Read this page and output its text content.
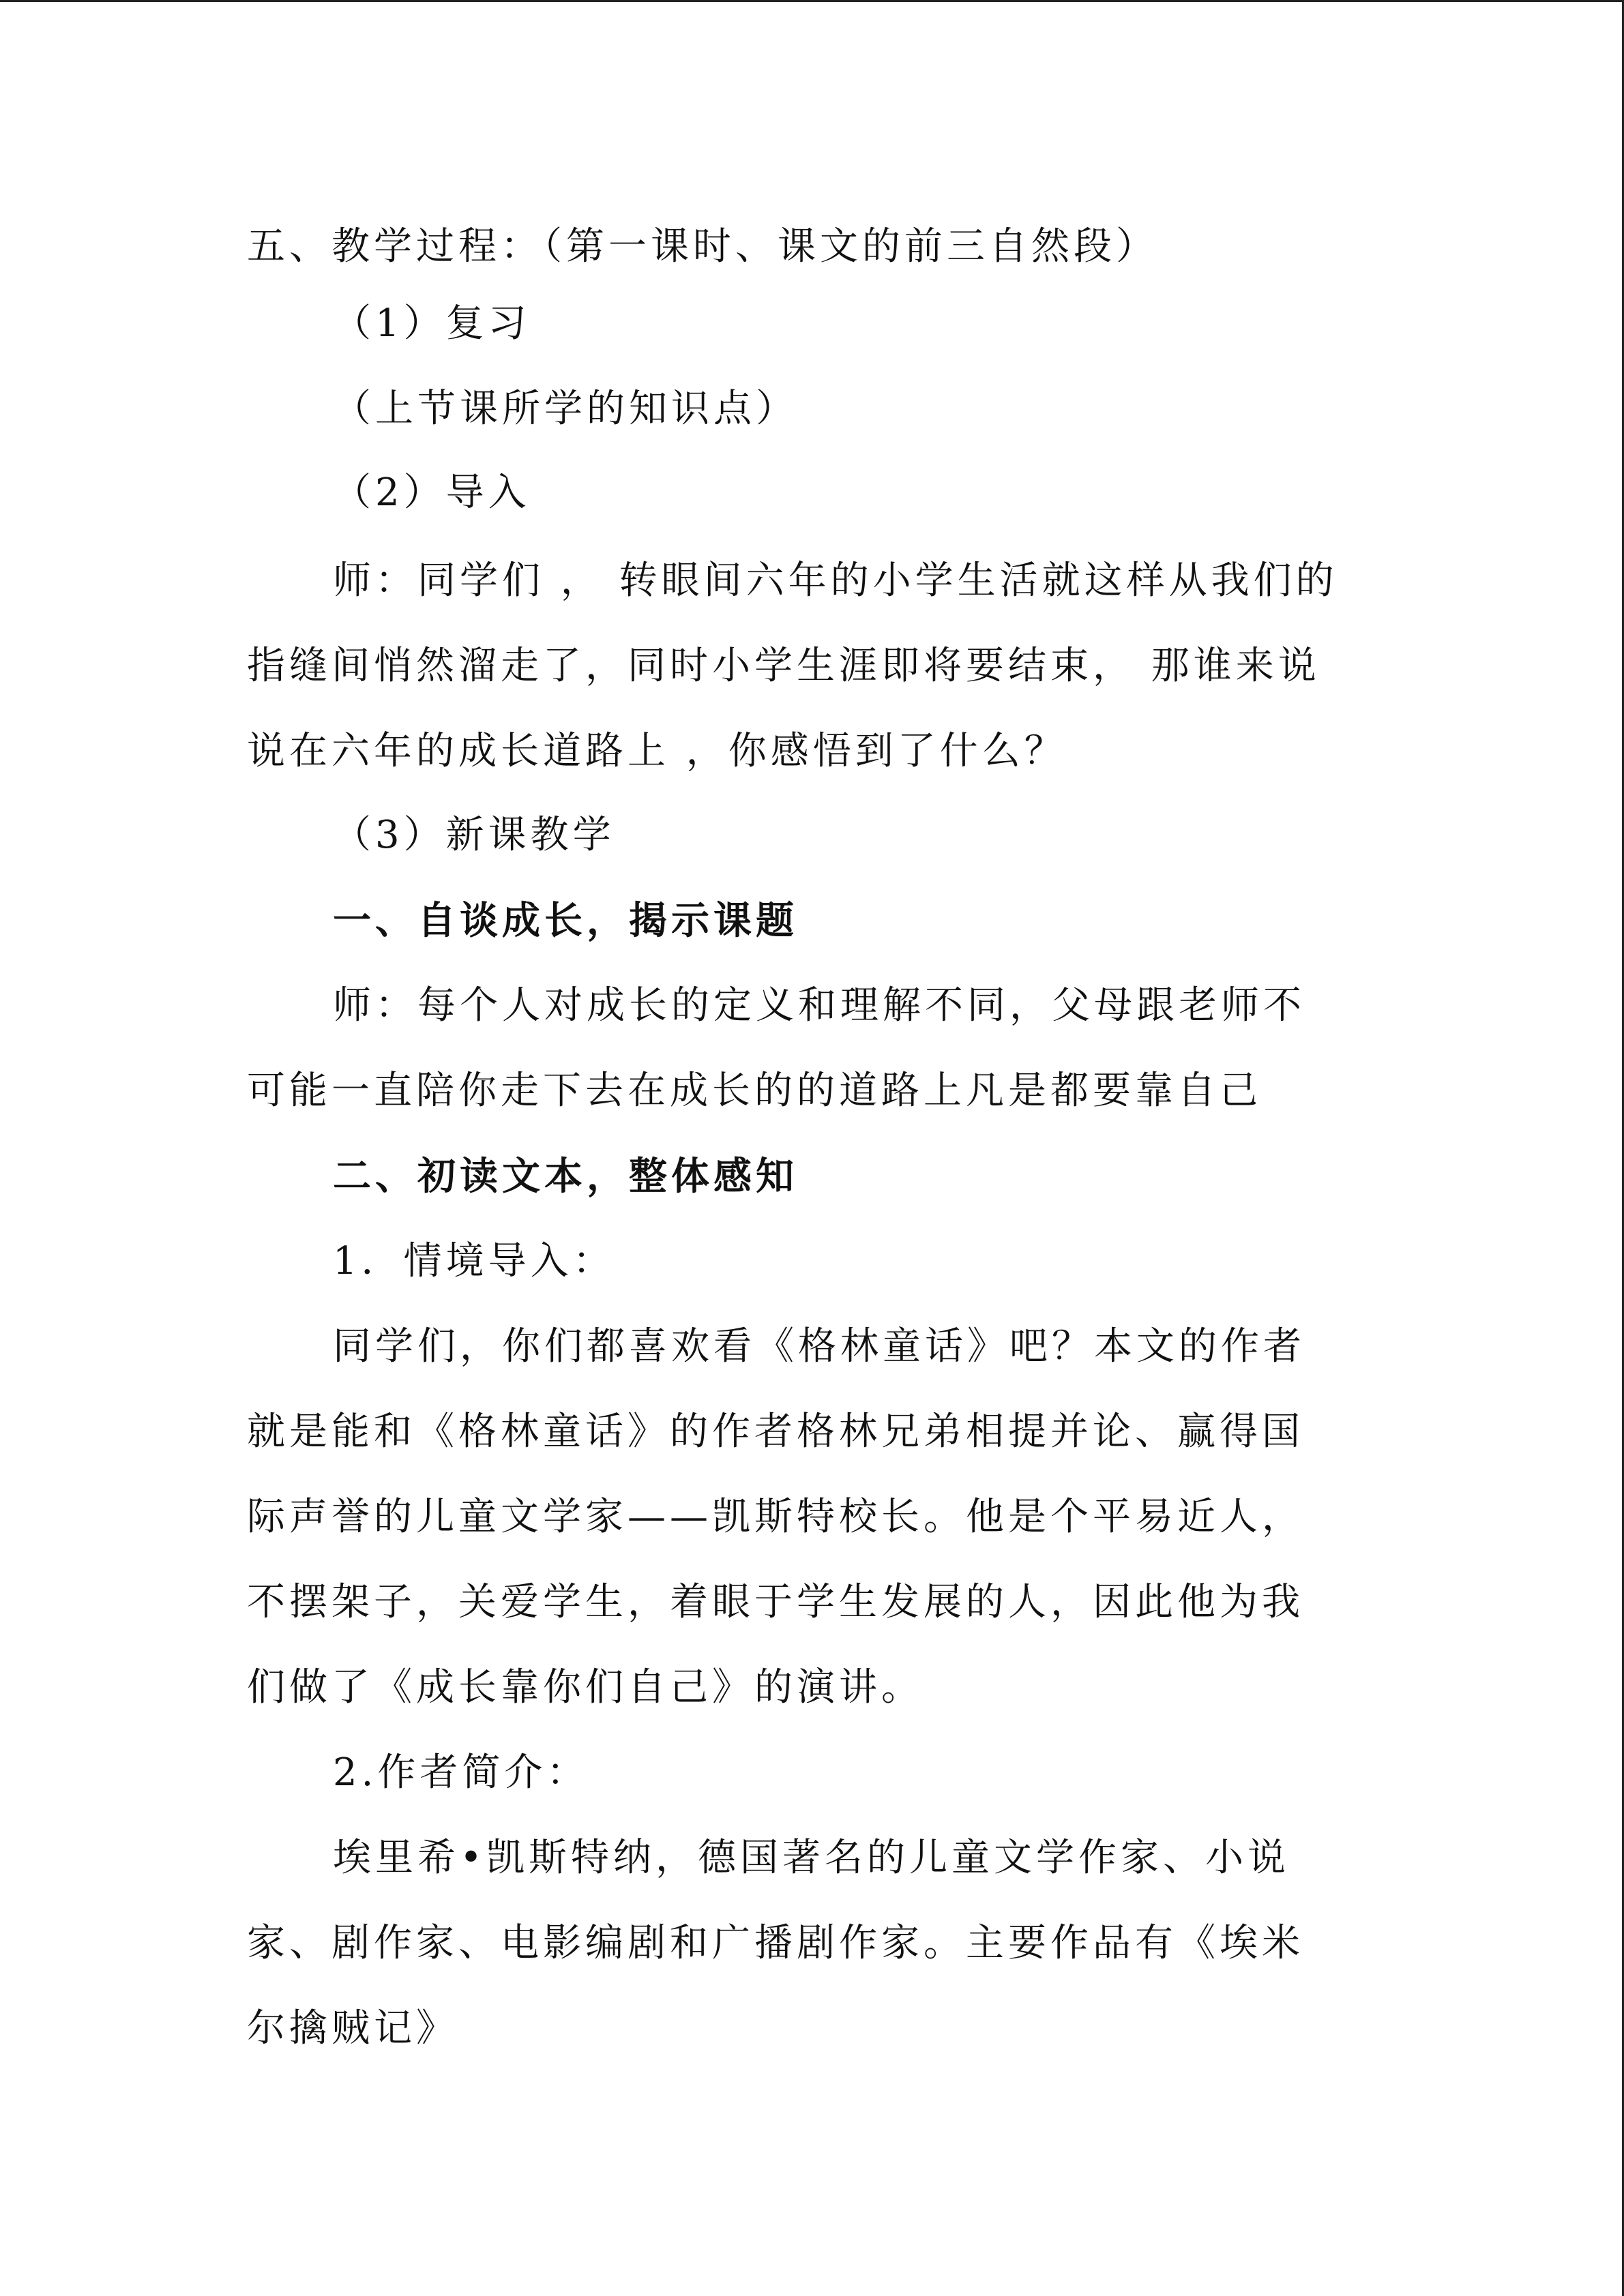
五、教学过程：（第一课时、课文的前三自然段）
（1）复习
（上节课所学的知识点）
（2）导入
师：同学们 ， 转眼间六年的小学生活就这样从我们的
指缝间悄然溜走了，同时小学生涯即将要结束， 那谁来说
说在六年的成长道路上 ，你感悟到了什么？
（3）新课教学
一、自谈成长，揭示课题
师：每个人对成长的定义和理解不同，父母跟老师不
可能一直陪你走下去在成长的的道路上凡是都要靠自己
二、初读文本，整体感知
1．情境导入：
同学们，你们都喜欢看《格林童话》吧？本文的作者
就是能和《格林童话》的作者格林兄弟相提并论、赢得国
际声誉的儿童文学家——凯斯特校长。他是个平易近人，
不摆架子，关爱学生，着眼于学生发展的人，因此他为我
们做了《成长靠你们自己》的演讲。
2.作者简介：
埃里希•凯斯特纳，德国著名的儿童文学作家、小说
家、剧作家、电影编剧和广播剧作家。主要作品有《埃米
尔擒贼记》
